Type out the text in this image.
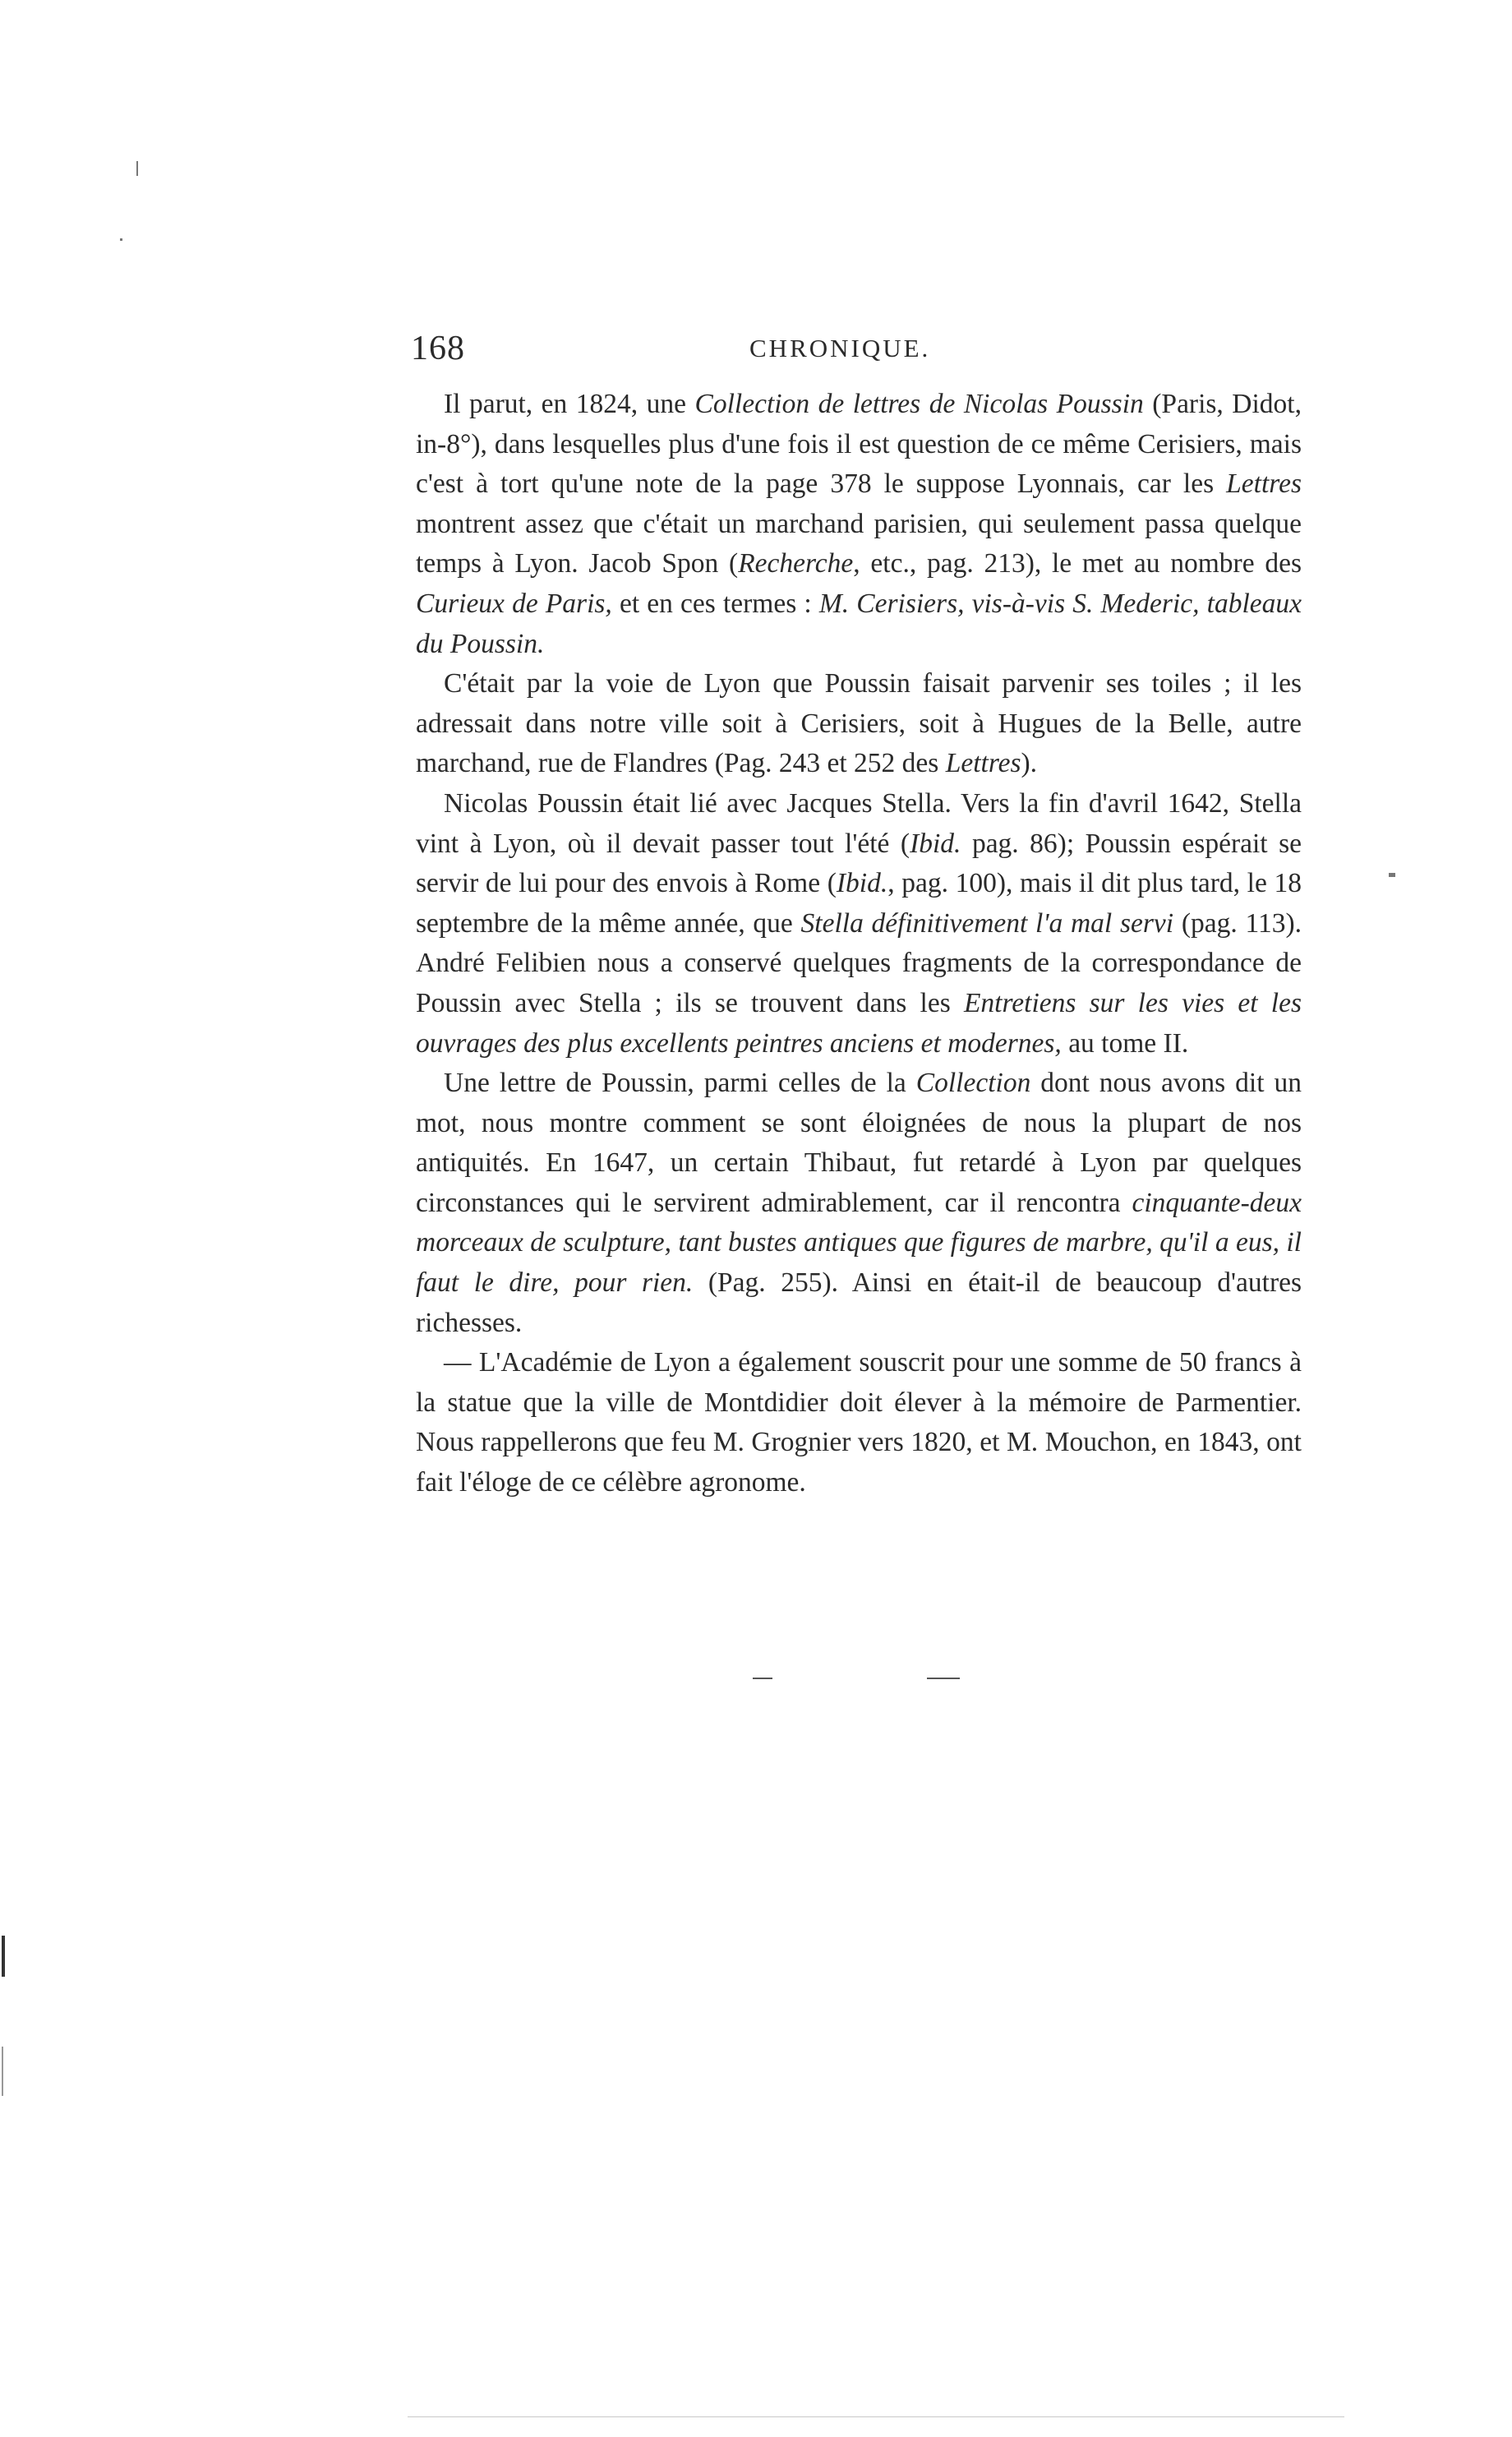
168	CHRONIQUE.

Il parut, en 1824, une Collection de lettres de Nicolas Poussin (Paris, Didot, in-8°), dans lesquelles plus d'une fois il est question de ce même Cerisiers, mais c'est à tort qu'une note de la page 378 le suppose Lyonnais, car les Lettres montrent assez que c'était un marchand parisien, qui seulement passa quelque temps à Lyon. Jacob Spon (Recherche, etc., pag. 213), le met au nombre des Curieux de Paris, et en ces termes : M. Cerisiers, vis-à-vis S. Mederic, tableaux du Poussin.

C'était par la voie de Lyon que Poussin faisait parvenir ses toiles ; il les adressait dans notre ville soit à Cerisiers, soit à Hugues de la Belle, autre marchand, rue de Flandres (Pag. 243 et 252 des Lettres).

Nicolas Poussin était lié avec Jacques Stella. Vers la fin d'avril 1642, Stella vint à Lyon, où il devait passer tout l'été (Ibid. pag. 86); Poussin espérait se servir de lui pour des envois à Rome (Ibid., pag. 100), mais il dit plus tard, le 18 septembre de la même année, que Stella définitivement l'a mal servi (pag. 113). André Felibien nous a conservé quelques fragments de la correspondance de Poussin avec Stella ; ils se trouvent dans les Entretiens sur les vies et les ouvrages des plus excellents peintres anciens et modernes, au tome II.

Une lettre de Poussin, parmi celles de la Collection dont nous avons dit un mot, nous montre comment se sont éloignées de nous la plupart de nos antiquités. En 1647, un certain Thibaut, fut retardé à Lyon par quelques circonstances qui le servirent admirablement, car il rencontra cinquante-deux morceaux de sculpture, tant bustes antiques que figures de marbre, qu'il a eus, il faut le dire, pour rien. (Pag. 255). Ainsi en était-il de beaucoup d'autres richesses.

— L'Académie de Lyon a également souscrit pour une somme de 50 francs à la statue que la ville de Montdidier doit élever à la mémoire de Parmentier. Nous rappellerons que feu M. Grognier vers 1820, et M. Mouchon, en 1843, ont fait l'éloge de ce célèbre agronome.
